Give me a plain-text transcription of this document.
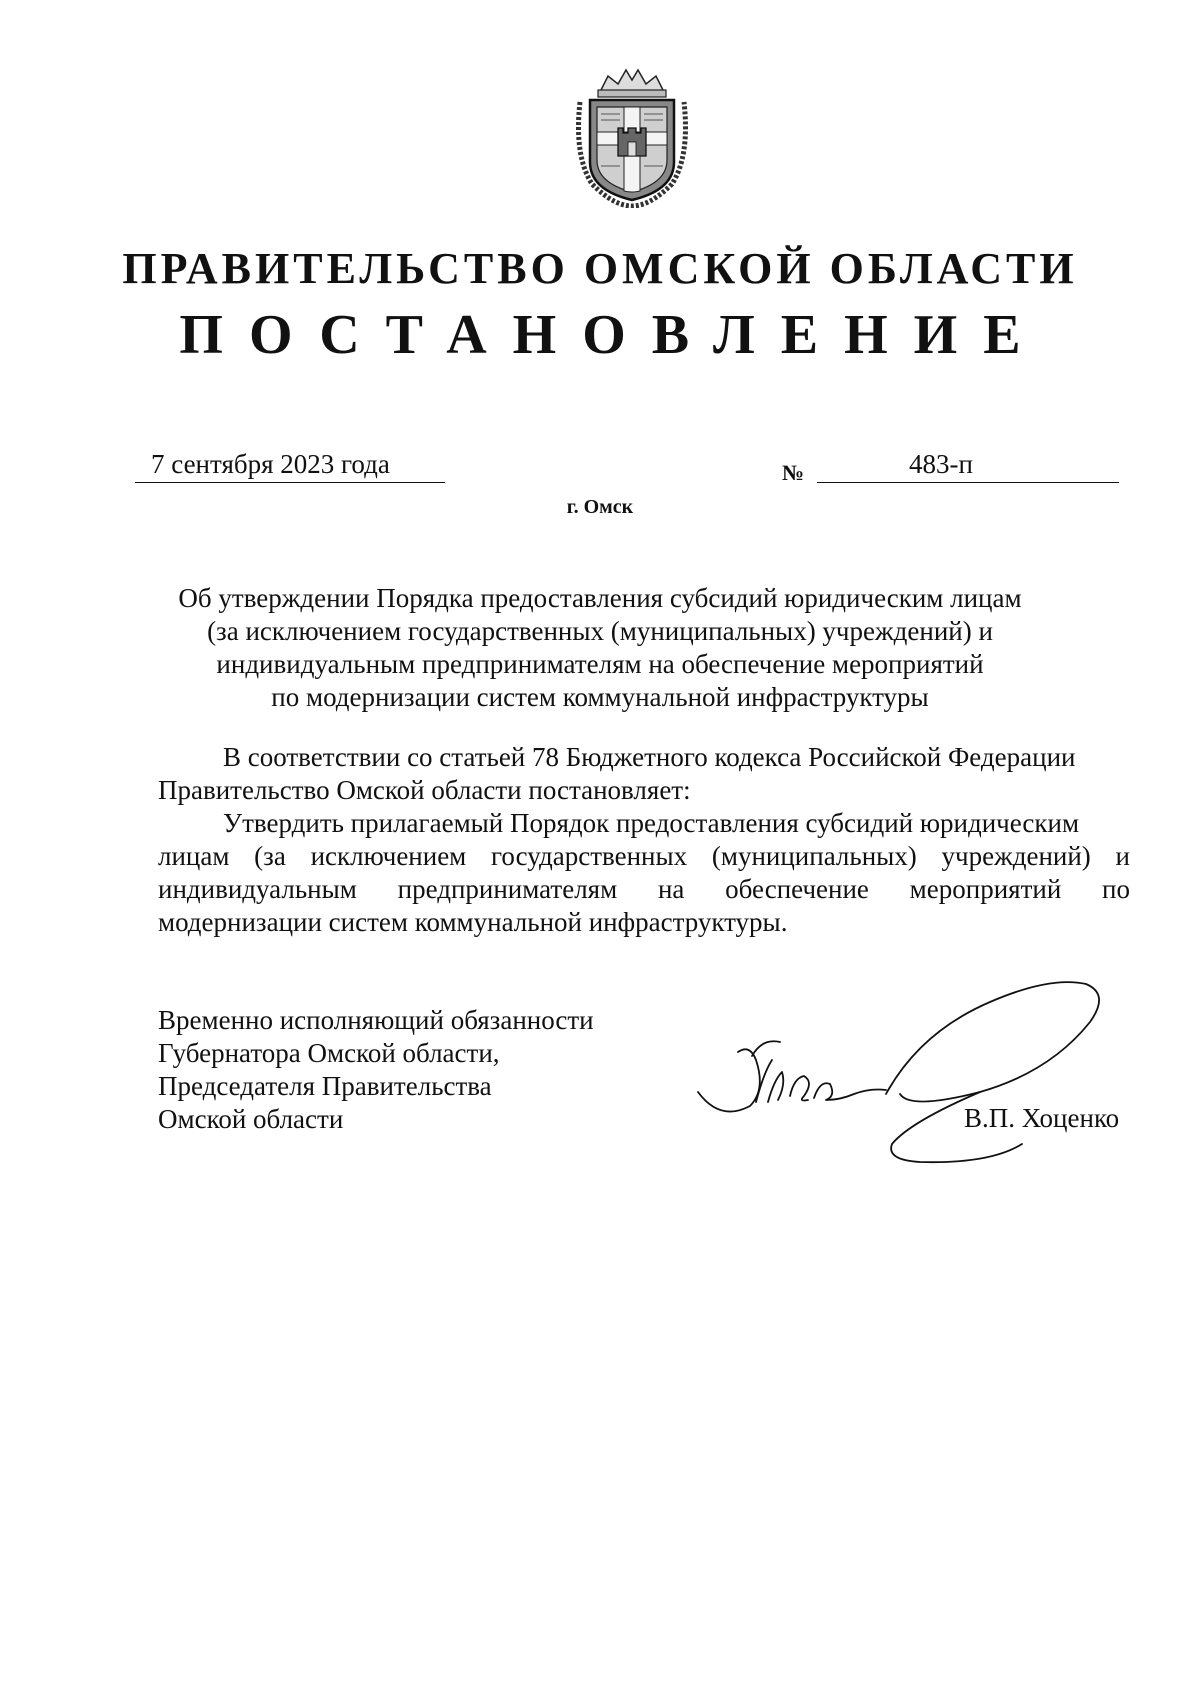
ПРАВИТЕЛЬСТВО ОМСКОЙ ОБЛАСТИ
ПОСТАНОВЛЕНИЕ
7 сентября 2023 года	№	483-п
г. Омск
Об утверждении Порядка предоставления субсидий юридическим лицам
(за исключением государственных (муниципальных) учреждений) и
индивидуальным предпринимателям на обеспечение мероприятий
по модернизации систем коммунальной инфраструктуры
В соответствии со статьей 78 Бюджетного кодекса Российской Федерации
Правительство Омской области постановляет:
Утвердить прилагаемый Порядок предоставления субсидий юридическим
лицам (за исключением государственных (муниципальных) учреждений) и
индивидуальным предпринимателям на обеспечение мероприятий по
модернизации систем коммунальной инфраструктуры.
Временно исполняющий обязанности
Губернатора Омской области,
Председателя Правительства
Омской области	В.П. Хоценко
